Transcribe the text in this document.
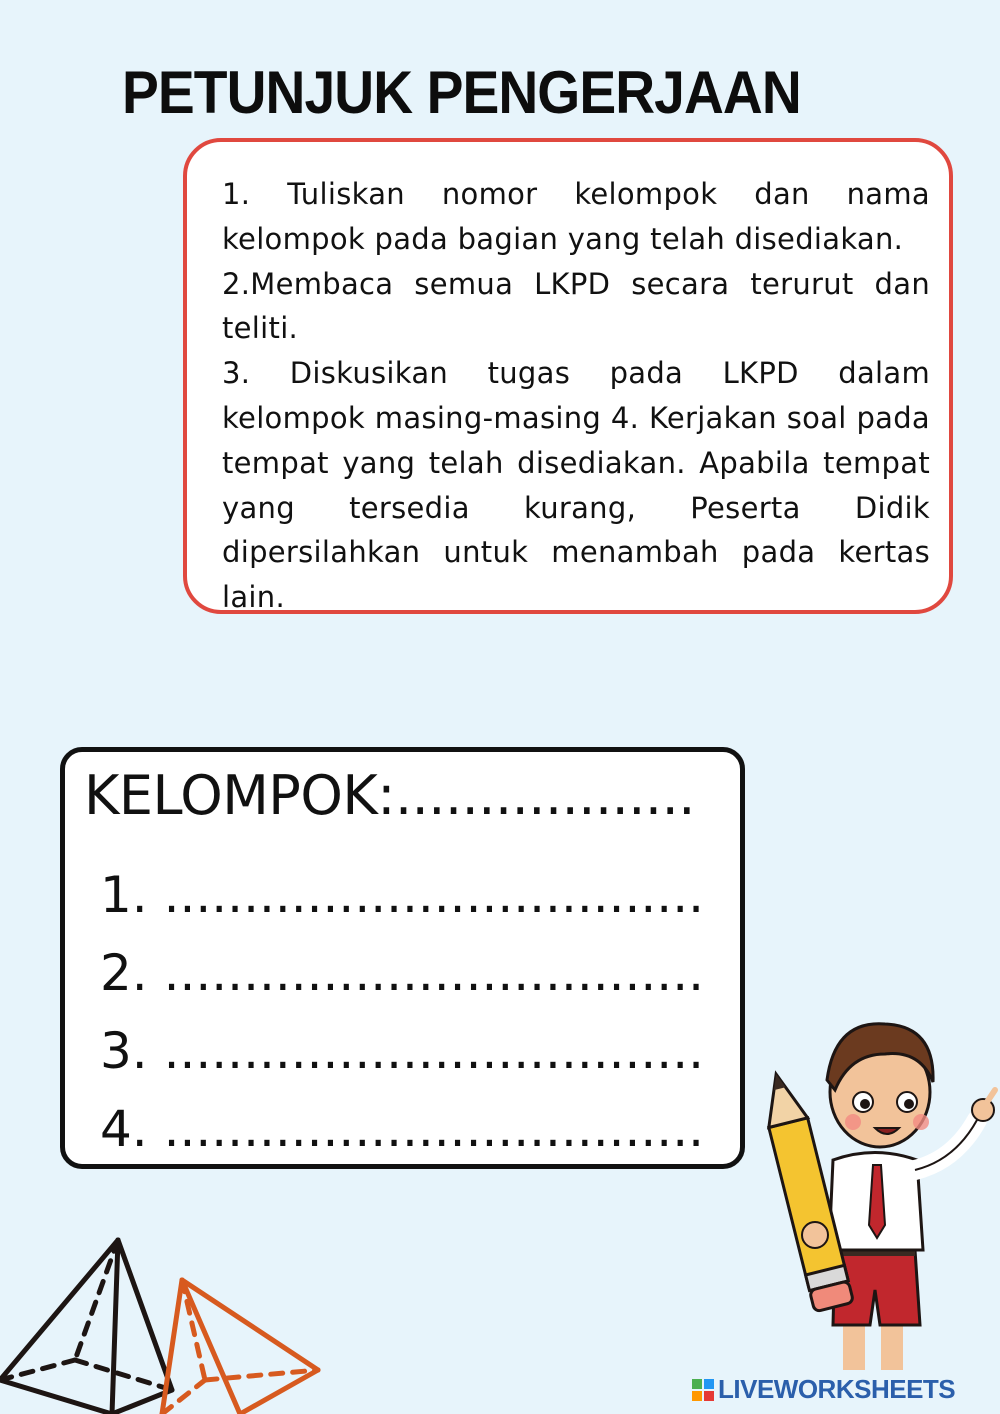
PETUNJUK PENGERJAAN

1. Tuliskan nomor kelompok dan nama kelompok pada bagian yang telah disediakan.

2.Membaca semua LKPD secara terurut dan teliti.

3. Diskusikan tugas pada LKPD dalam kelompok masing-masing 4. Kerjakan soal pada tempat yang telah disediakan. Apabila tempat yang tersedia kurang, Peserta Didik dipersilahkan untuk menambah pada kertas lain.

KELOMPOK:..................
1. ..................................
2. ..................................
3. ..................................
4. ..................................
LIVEWORKSHEETS
